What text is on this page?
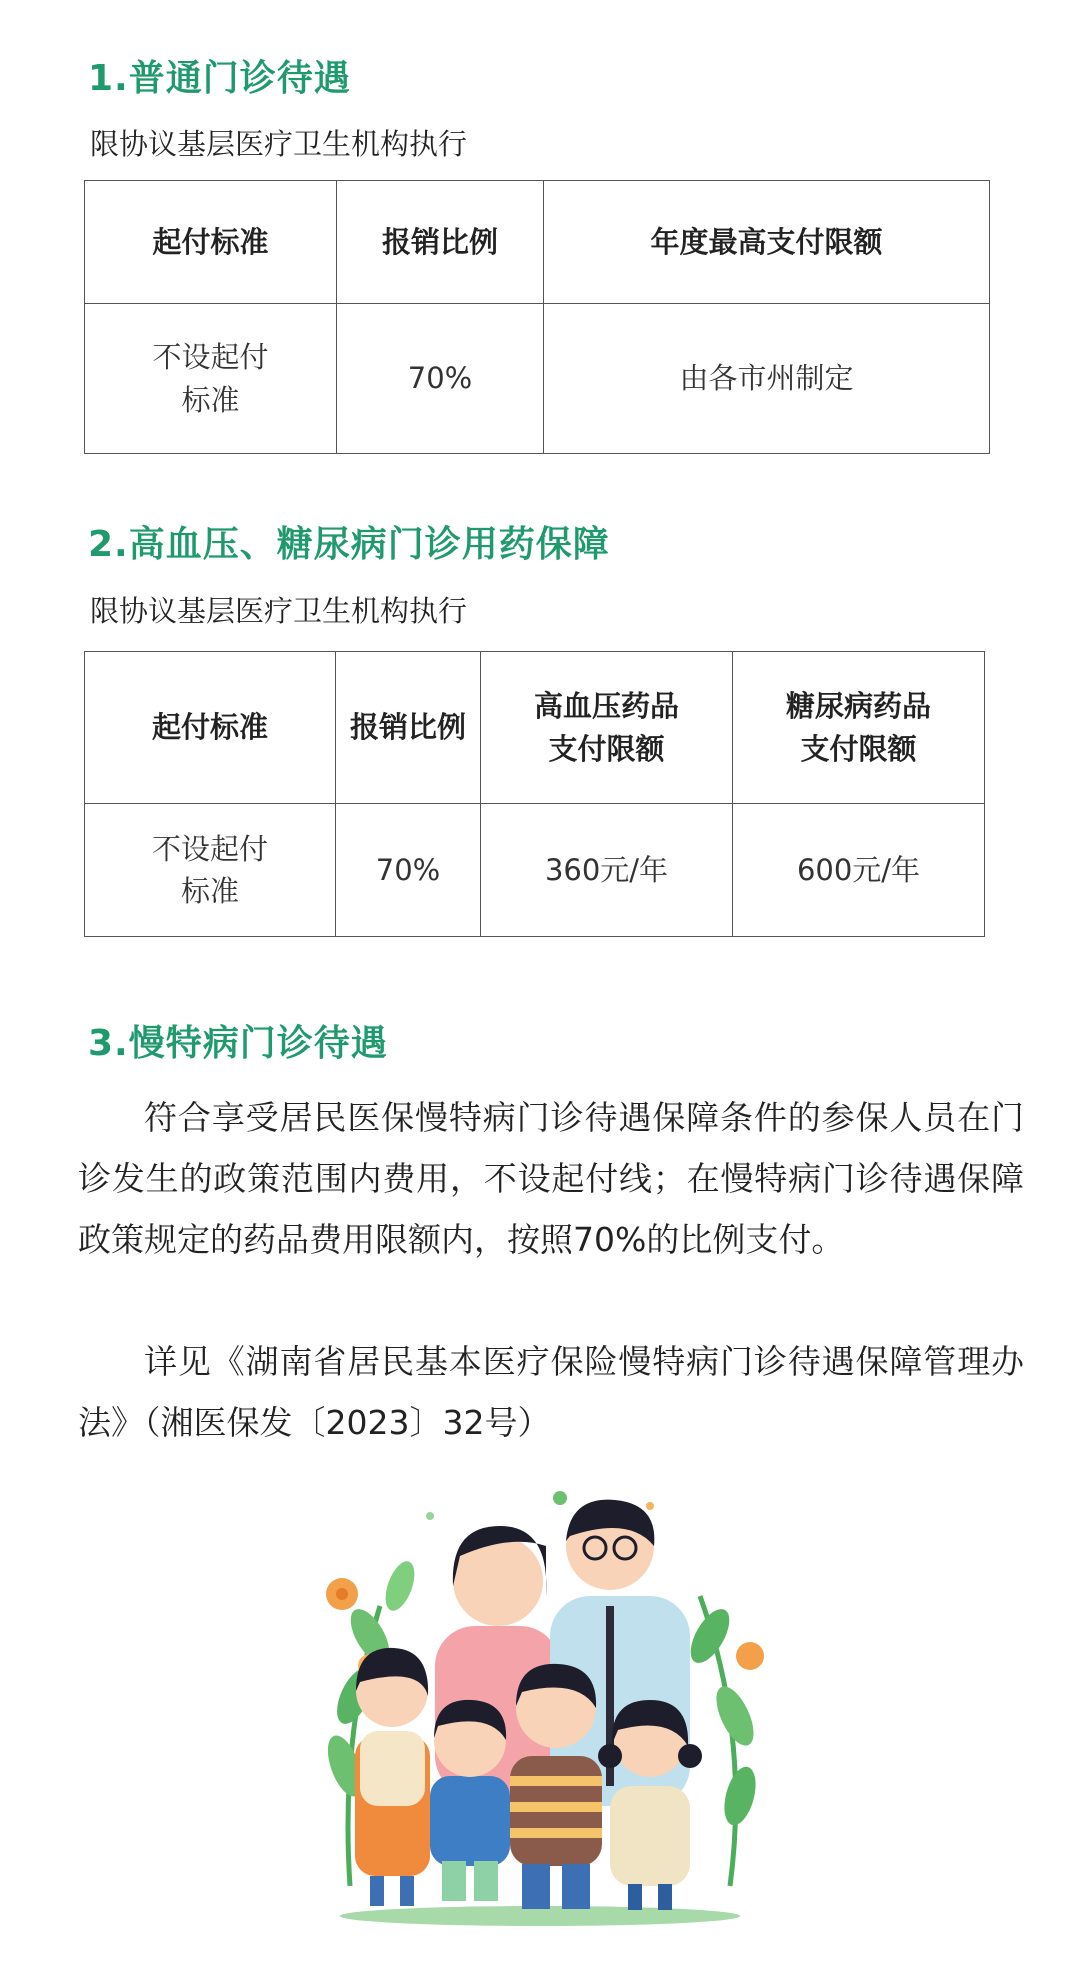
1.普通门诊待遇

限协议基层医疗卫生机构执行

起付标准	报销比例	年度最高支付限额

不设起付标准	70%	由各市州制定
2.高血压、糖尿病门诊用药保障

限协议基层医疗卫生机构执行

起付标准	报销比例	高血压药品支付限额	糖尿病药品支付限额

不设起付标准	70%	360元/年	600元/年
3.慢特病门诊待遇

符合享受居民医保慢特病门诊待遇保障条件的参保人员在门诊发生的政策范围内费用，不设起付线；在慢特病门诊待遇保障政策规定的药品费用限额内，按照70%的比例支付。

详见《湖南省居民基本医疗保险慢特病门诊待遇保障管理办法》（湘医保发〔2023〕32号）
